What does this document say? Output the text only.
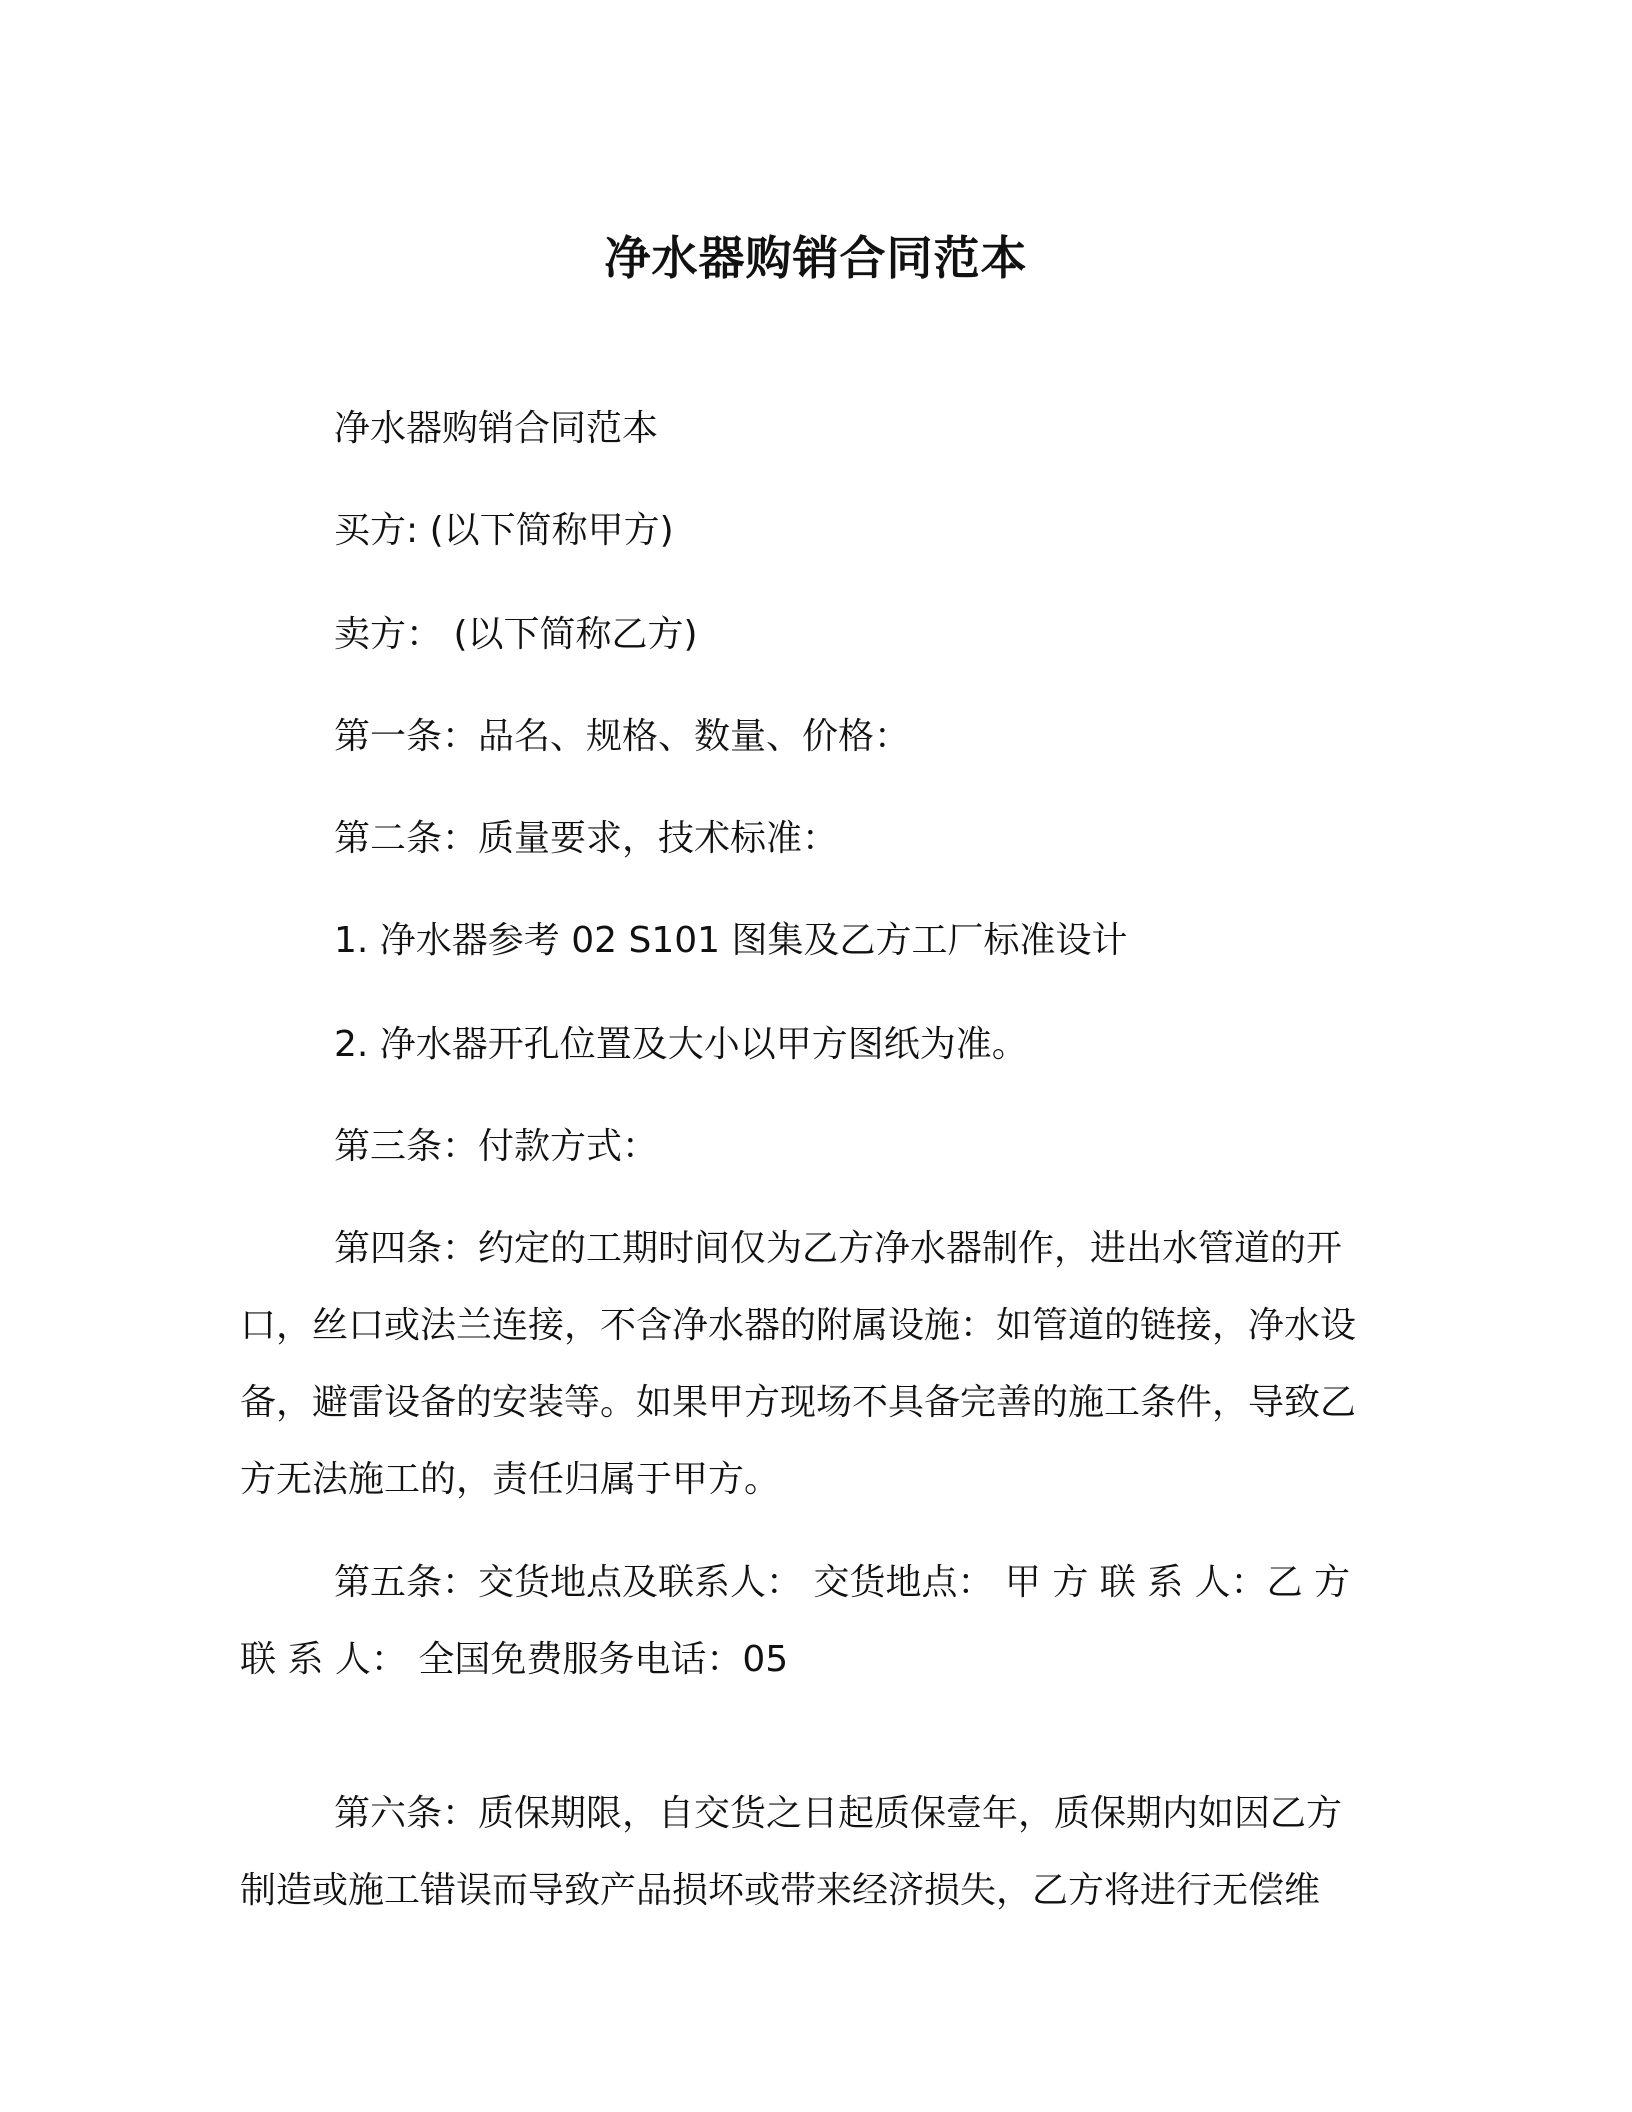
净水器购销合同范本

净水器购销合同范本

买方: (以下简称甲方)

卖方： (以下简称乙方)

第一条：品名、规格、数量、价格：

第二条：质量要求，技术标准：

1. 净水器参考 02 S101 图集及乙方工厂标准设计

2. 净水器开孔位置及大小以甲方图纸为准。

第三条：付款方式：

第四条：约定的工期时间仅为乙方净水器制作，进出水管道的开口，丝口或法兰连接，不含净水器的附属设施：如管道的链接，净水设备，避雷设备的安装等。如果甲方现场不具备完善的施工条件，导致乙方无法施工的，责任归属于甲方。

第五条：交货地点及联系人： 交货地点： 甲 方 联 系 人：乙 方 联 系 人： 全国免费服务电话：05

第六条：质保期限，自交货之日起质保壹年，质保期内如因乙方制造或施工错误而导致产品损坏或带来经济损失，乙方将进行无偿维
